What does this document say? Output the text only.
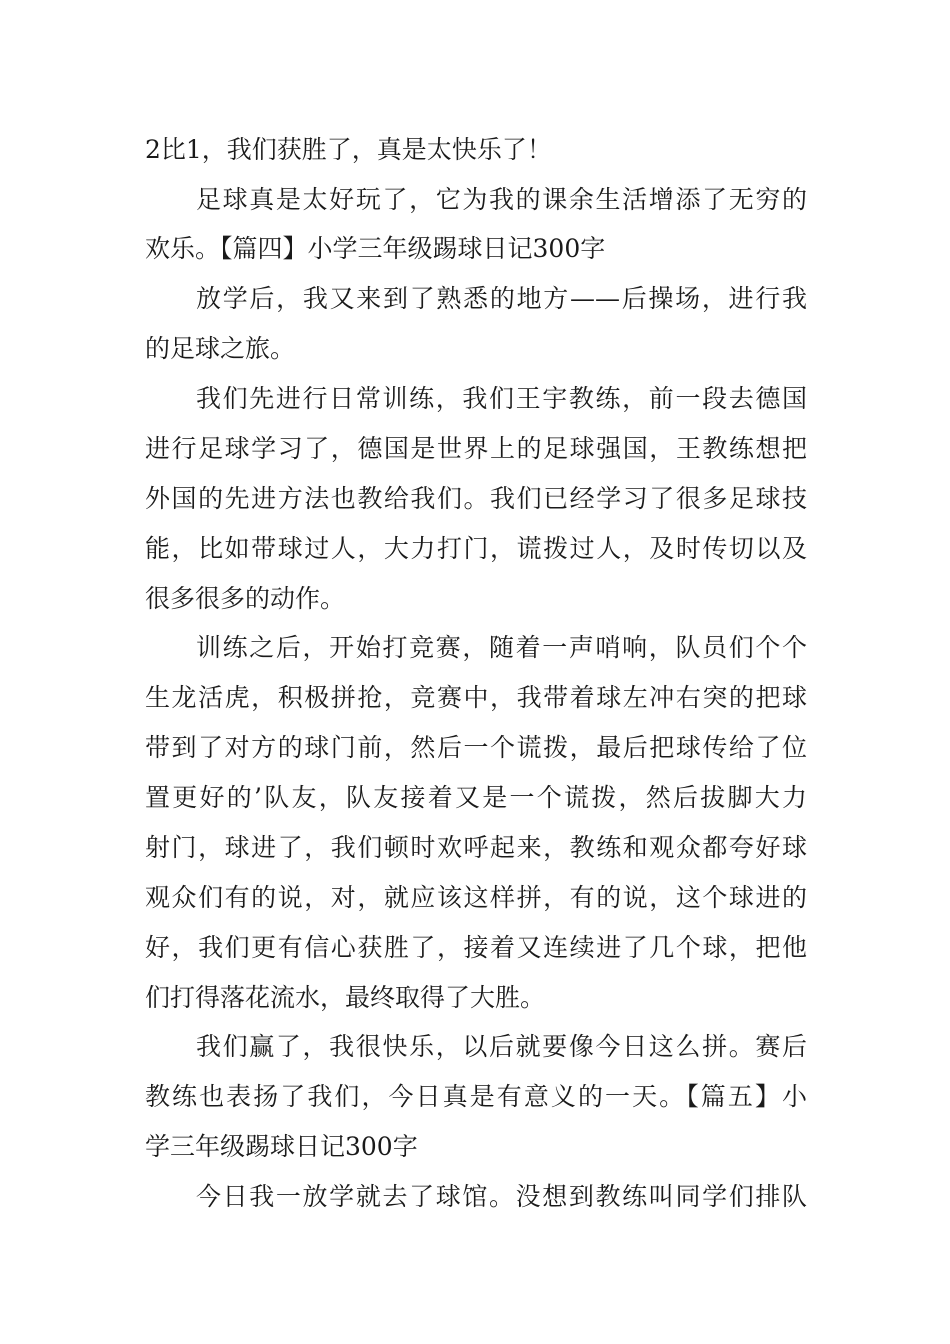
2比1，我们获胜了，真是太快乐了！
足球真是太好玩了，它为我的课余生活增添了无穷的
欢乐。【篇四】小学三年级踢球日记300字
放学后，我又来到了熟悉的地方——后操场，进行我
的足球之旅。
我们先进行日常训练，我们王宇教练，前一段去德国
进行足球学习了，德国是世界上的足球强国，王教练想把
外国的先进方法也教给我们。我们已经学习了很多足球技
能，比如带球过人，大力打门，谎拨过人，及时传切以及
很多很多的动作。
训练之后，开始打竞赛，随着一声哨响，队员们个个
生龙活虎，积极拼抢，竞赛中，我带着球左冲右突的把球
带到了对方的球门前，然后一个谎拨，最后把球传给了位
置更好的’队友，队友接着又是一个谎拨，然后拔脚大力
射门，球进了，我们顿时欢呼起来，教练和观众都夸好球
观众们有的说，对，就应该这样拼，有的说，这个球进的
好，我们更有信心获胜了，接着又连续进了几个球，把他
们打得落花流水，最终取得了大胜。
我们赢了，我很快乐，以后就要像今日这么拼。赛后
教练也表扬了我们，今日真是有意义的一天。【篇五】小
学三年级踢球日记300字
今日我一放学就去了球馆。没想到教练叫同学们排队
